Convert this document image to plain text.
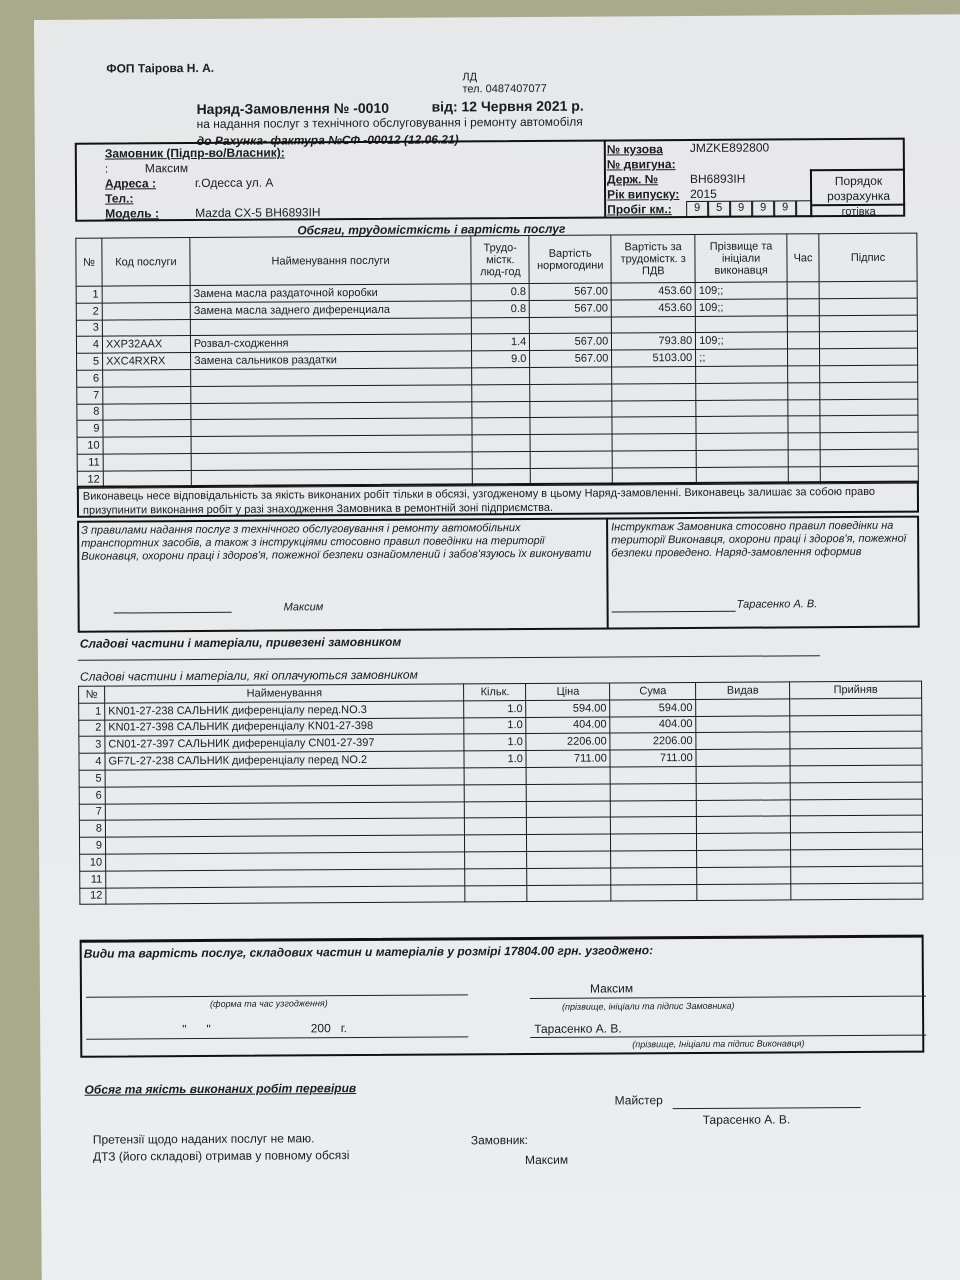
ФОП Таірова Н. А.
ЛД
тел. 0487407077
Наряд-Замовлення № -0010	від: 12 Червня 2021 р.
на надання послуг з технічного обслуговування і ремонту автомобіля
до Рахунка- фактура №СФ -00012 (12.06.21)
Замовник (Підпр-во/Власник):
:	Максим
Адреса :	г.Одесса ул. А
Тел.:
Модель :	Mazda CX-5 BH6893IH
№ кузова JMZKE892800
№ двигуна:
Держ. №	BH6893IH
Рік випуску: 2015
Пробіг км.:	9	5	9	9	9
Порядок
розрахунка
готівка
Обсяги, трудомісткість і вартість послуг
№	Код послуги	Найменування послуги	Трудо- містк. люд-год	Вартість нормогодини	Вартість за трудомістк. з ПДВ	Прізвище та ініціали виконавця	Час	Підпис
1		Замена масла раздаточной коробки	0.8	567.00	453.60	109;;		
2		Замена масла заднего диференциала	0.8	567.00	453.60	109;;		
3								
4	XXP32AAX	Розвал-сходження	1.4	567.00	793.80	109;;		
5	XXC4RXRX	Замена сальников раздатки	9.0	567.00	5103.00	;;		
6								
7								
8								
9								
10								
11								
12								
Виконавець несе відповідальність за якість виконаних робіт тільки в обсязі, узгодженому в цьому Наряд-замовленні. Виконавець залишає за собою право призупинити виконання робіт у разі знаходження Замовника в ремонтній зоні підприємства.
З правилами надання послуг з технічного обслуговування і ремонту автомобільних транспортних засобів, а також з інструкціями стосовно правил поведінки на території Виконавця, охорони праці і здоров'я, пожежної безпеки ознайомлений і забов'язуюсь їх виконувати
Максим
Інструктаж Замовника стосовно правил поведінки на території Виконавця, охорони праці і здоров'я, пожежної безпеки проведено. Наряд-замовлення оформив
Тарасенко А. В.
Сладові частини і матеріали, привезені замовником
Сладові частини і матеріали, які оплачуються замовником
№	Найменування	Кільк.	Ціна	Сума	Видав	Прийняв
1	KN01-27-238 САЛЬНИК диференціалу перед.NO.3	1.0	594.00	594.00		
2	KN01-27-398 САЛЬНИК диференціалу KN01-27-398	1.0	404.00	404.00		
3	CN01-27-397 САЛЬНИК диференціалу CN01-27-397	1.0	2206.00	2206.00		
4	GF7L-27-238 САЛЬНИК диференціалу перед NO.2	1.0	711.00	711.00		
5						
6						
7						
8						
9						
10						
11						
12						
Види та вартість послуг, складових частин и матеріалів у розмірі 17804.00 грн. узгоджено:
(форма та час узгодження)
Максим
(прізвище, ініціали та підпис Замовника)
"      "                              200   г.	Тарасенко А. В.
(прізвище, Ініціали та підпис Виконавця)
Обсяг та якість виконаних робіт перевірив
Майстер
Тарасенко А. В.
Претензії щодо наданих послуг не маю.
ДТЗ (його складові) отримав у повному обсязі
Замовник:
Максим
